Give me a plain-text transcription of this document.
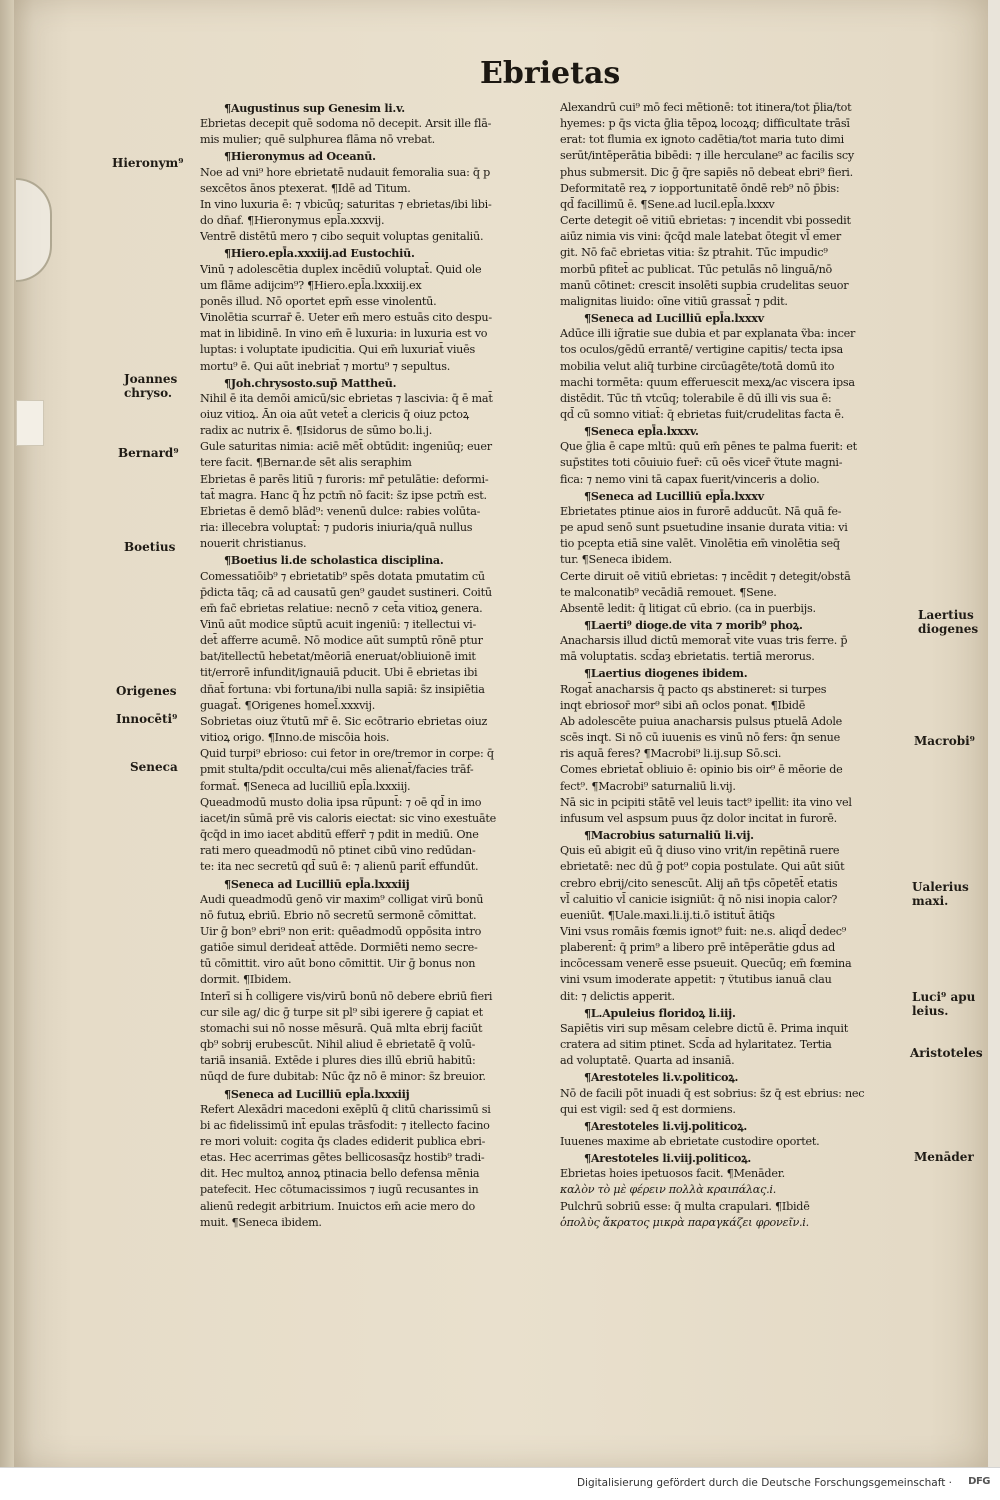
Ebrietas
Hieronym⁹
Joannes
chryso.
Bernard⁹
Boetius
Origenes
Innocēti⁹
Seneca
Laertius
diogenes
Macrobi⁹
Ualerius
maxi.
Luci⁹ apu
leius.
Aristoteles
Menāder

¶Augustinus sup Genesim li.v.

Ebrietas decepit quē sodoma nō decepit. Arsit ille flā-

mis mulier; quē sulphurea flāma nō vrebat.

¶Hieronymus ad Oceanū.

Noe ad vni⁹ hore ebrietatē nudauit femoralia sua: q̄ p

sexcētos ānos ptexerat. ¶Idē ad Titum.

In vino luxuria ē: ⁊ vbicūq; saturitas ⁊ ebrietas/ibi libi-

do dn̄af. ¶Hieronymus epl̄a.xxxvij.

Ventrē distētū mero ⁊ cibo sequit voluptas genitaliū.

¶Hiero.epl̄a.xxxiij.ad Eustochiū.

Vinū ⁊ adolescētia duplex incēdiū voluptat̄. Quid ole

um flāme adijcim⁹? ¶Hiero.epl̄a.lxxxiij.ex

ponēs illud. Nō oportet epm̄ esse vinolentū.

Vinolētia scurrar̄ ē. Ueter em̄ mero estuās cito despu-

mat in libidinē. In vino em̄ ē luxuria: in luxuria est vo

luptas: i voluptate ipudicitia. Qui em̄ luxuriat̄ viuēs

mortu⁹ ē. Qui aūt inebriat̄ ⁊ mortu⁹ ⁊ sepultus.

¶Joh.chrysosto.sup̄ Mattheū.

Nihil ē ita demōi amicū/sic ebrietas ⁊ lascivia: q̄ ē mat̄

oiuz vitioꝝ. Ān oia aūt vetet̄ a clericis q̄ oiuz pctoꝝ

radix ac nutrix ē. ¶Isidorus de sūmo bo.li.j.

Gule saturitas nimia: aciē mēt̄ obtūdit: ingeniūq; euer

tere facit. ¶Bernar.de sēt alis seraphim

Ebrietas ē parēs litiū ⁊ furoris: mr̄ petulātie: deformi-

tat̄ magra. Hanc q̄ h̄z pctm̄ nō facit: s̄z ipse pctm̄ est.

Ebrietas ē demō blād⁹: venenū dulce: rabies volūta-

ria: illecebra voluptat̄: ⁊ pudoris iniuria/quā nullus

nouerit christianus.

¶Boetius li.de scholastica disciplina.

Comessatiōib⁹ ⁊ ebrietatib⁹ spēs dotata pmutatim cū

p̄dicta tāq; cā ad causatū gen⁹ gaudet sustineri. Coitū

em̄ fac̄ ebrietas relatiue: necnō ⁊ cet̄a vitioꝝ genera.

Vinū aūt modice sūptū acuit ingeniū: ⁊ itellectui vi-

det̄ afferre acumē. Nō modice aūt sumptū rōnē ptur

bat/itellectū hebetat/mēoriā eneruat/obliuionē imit

tit/errorē infundit/ignauiā pducit. Ubi ē ebrietas ibi

dn̄at̄ fortuna: vbi fortuna/ibi nulla sapiā: s̄z insipiētia

guagat̄. ¶Origenes homel̄.xxxvij.

Sobrietas oiuz ṽtutū mr̄ ē. Sic ecōtrario ebrietas oiuz

vitioꝝ origo. ¶Inno.de miscōia hois.

Quid turpi⁹ ebrioso: cui fetor in ore/tremor in corpe: q̄

pmit stulta/pdit occulta/cui mēs alienat̄/facies trāf-

format̄. ¶Seneca ad lucilliū epl̄a.lxxxiij.

Queadmodū musto dolia ipsa rūpunt̄: ⁊ oē qd̄ in imo

iacet/in sūmā prē vis caloris eiectat: sic vino exestuāte

q̄cq̄d in imo iacet abditū efferr̄ ⁊ pdit in mediū. One

rati mero queadmodū nō ptinet cibū vino redūdan-

te: ita nec secretū qd̄ suū ē: ⁊ alienū parit̄ effundūt.

¶Seneca ad Lucilliū epl̄a.lxxxiij

Audi queadmodū genō vir maxim⁹ colligat virū bonū

nō futuꝝ ebriū. Ebrio nō secretū sermonē cōmittat.

Uir ḡ bon⁹ ebri⁹ non erit: quēadmodū oppōsita intro

gatiōe simul derideat̄ attēde. Dormiēti nemo secre-

tū cōmittit. viro aūt bono cōmittit. Uir ḡ bonus non

dormit. ¶Ibidem.

Interī si h̄ colligere vis/virū bonū nō debere ebriū fieri

cur sile ag/ dic ḡ turpe sit pl⁹ sibi igerere ḡ capiat et

stomachi sui nō nosse mēsurā. Quā mlta ebrij faciūt

qb⁹ sobrij erubescūt. Nihil aliud ē ebrietatē q̄ volū-

tariā insaniā. Extēde i plures dies illū ebriū habitū:

nūqd de fure dubitab: Nūc q̄z nō ē minor: s̄z breuior.

¶Seneca ad Lucilliū epl̄a.lxxxiij

Refert Alexādri macedoni exēplū q̄ clitū charissimū si

bi ac fidelissimū int̄ epulas trāsfodit: ⁊ itellecto facino

re mori voluit: cogita q̄s clades ediderit publica ebri-

etas. Hec acerrimas gētes bellicosasq̄z hostib⁹ tradi-

dit. Hec multoꝝ annoꝝ ptinacia bello defensa mēnia

patefecit. Hec cōtumacissimos ⁊ iugū recusantes in

alienū redegit arbitrium. Inuictos em̄ acie mero do

muit. ¶Seneca ibidem.

Alexandrū cui⁹ mō feci mētionē: tot itinera/tot p̄lia/tot

hyemes: p q̄s victa ḡlia tēpoꝝ locoꝝq; difficultate trāsī

erat: tot flumia ex ignoto cadētia/tot maria tuto dimi

serūt/intēperātia bibēdi: ⁊ ille herculane⁹ ac facilis scy

phus submersit. Dic ḡ q̄re sapiēs nō debeat ebri⁹ fieri.

Deformitatē reꝝ ⁊ iopportunitatē ōndē reb⁹ nō p̄bis:

qd̄ facillimū ē. ¶Sene.ad lucil.epl̄a.lxxxv

Certe detegit oē vitiū ebrietas: ⁊ incendit vbi possedit

aiūz nimia vis vini: q̄cq̄d male latebat ōtegit vl̄ emer

git. Nō fac̄ ebrietas vitia: s̄z ptrahit. Tūc impudic⁹

morbū pfitet̄ ac publicat. Tūc petulās nō linguā/nō

manū cōtinet: crescit insolēti supbia crudelitas seuor

malignitas liuido: oīne vitiū grassat̄ ⁊ pdit.

¶Seneca ad Lucilliū epl̄a.lxxxv

Adūce illi ig̃ratie sue dubia et par explanata ṽba: incer

tos oculos/gēdū errantē/ vertigine capitis/ tecta ipsa

mobilia velut aliq̄ turbine circūagēte/totā domū ito

machi tormēta: quum efferuescit mexꝝ/ac viscera ipsa

distēdit. Tūc tn̄ vtcūq; tolerabile ē dū illi vis sua ē:

qd̄ cū somno vitiat̄: q̄ ebrietas fuit/crudelitas facta ē.

¶Seneca epl̄a.lxxxv.

Que ḡlia ē cape mltū: quū em̄ pēnes te palma fuerit: et

sup̄stites toti cōuiuio fuer̄: cū oēs vicer̄ ṽtute magni-

fica: ⁊ nemo vini tā capax fuerit/vinceris a dolio.

¶Seneca ad Lucilliū epl̄a.lxxxv

Ebrietates ptinue aios in furorē adducūt. Nā quā fe-

pe apud senō sunt psuetudine insanie durata vitia: vi

tio pcepta etiā sine valēt. Vinolētia em̄ vinolētia seq̄

tur. ¶Seneca ibidem.

Certe diruit oē vitiū ebrietas: ⁊ incēdit ⁊ detegit/obstā

te malconatib⁹ vecādiā remouet. ¶Sene.

Absentē ledit: q̄ litigat cū ebrio. (ca in puerbijs.

¶Laerti⁹ dioge.de vita ⁊ morib⁹ phoꝝ.

Anacharsis illud dictū memorat̄ vite vuas tris ferre. p̄

mā voluptatis. scd̄aȝ ebrietatis. tertiā merorus.

¶Laertius diogenes ibidem.

Rogat̄ anacharsis q̄ pacto qs abstineret: si turpes

inqt ebriosor̄ mor⁹ sibi an̄ oclos ponat. ¶Ibidē

Ab adolescēte puiua anacharsis pulsus ptuelā Adole

scēs inqt. Si nō cū iuuenis es vinū nō fers: q̄n senue

ris aquā feres? ¶Macrobi⁹ li.ij.sup Sō.sci.

Comes ebrietat̄ obliuio ē: opinio bis oir⁹ ē mēorie de

fect⁹. ¶Macrobi⁹ saturnaliū li.vij.

Nā sic in pcipiti stātē vel leuis tact⁹ ipellit: ita vino vel

infusum vel aspsum puus q̄z dolor incitat in furorē.

¶Macrobius saturnaliū li.vij.

Quis eū abigit eū q̄ diuso vino vrit/in repētinā ruere

ebrietatē: nec dū ḡ pot⁹ copia postulate. Qui aūt siūt

crebro ebrij/cito senescūt. Alij an̄ tp̄s cōpetēt̄ etatis

vl̄ caluitio vl̄ canicie isigniūt: q̄ nō nisi inopia calor?

eueniūt. ¶Uale.maxi.li.ij.ti.ō istitut̄ ātiq̄s

Vini vsus romāis fœmis ignot⁹ fuit: ne.s. aliqd̄ dedec⁹

plaberent̄: q̄ prim⁹ a libero prē intēperātie gdus ad

incōcessam venerē esse psueuit. Quecūq; em̄ fœmina

vini vsum imoderate appetit: ⁊ ṽtutibus ianuā clau

dit: ⁊ delictis apperit.

¶L.Apuleius floridoꝝ li.iij.

Sapiētis viri sup mēsam celebre dictū ē. Prima inquit

cratera ad sitim ptinet. Scd̄a ad hylaritatez. Tertia

ad voluptatē. Quarta ad insaniā.

¶Arestoteles li.v.politicoꝝ.

Nō de facili pōt inuadi q̄ est sobrius: s̄z q̄ est ebrius: nec

qui est vigil: sed q̄ est dormiens.

¶Arestoteles li.vij.politicoꝝ.

Iuuenes maxime ab ebrietate custodire oportet.

¶Arestoteles li.viij.politicoꝝ.

Ebrietas hoies ipetuosos facit. ¶Menāder.

καλὸν τὸ μὲ φέρειν πολλὰ κραιπάλας.i.

Pulchrū sobriū esse: q̄ multa crapulari. ¶Ibidē

ὁπολὺς ἄκρατος μικρὰ παραγκάζει φρονεῖν.i.

Digitalisierung gefördert durch die Deutsche Forschungsgemeinschaft · DFG
